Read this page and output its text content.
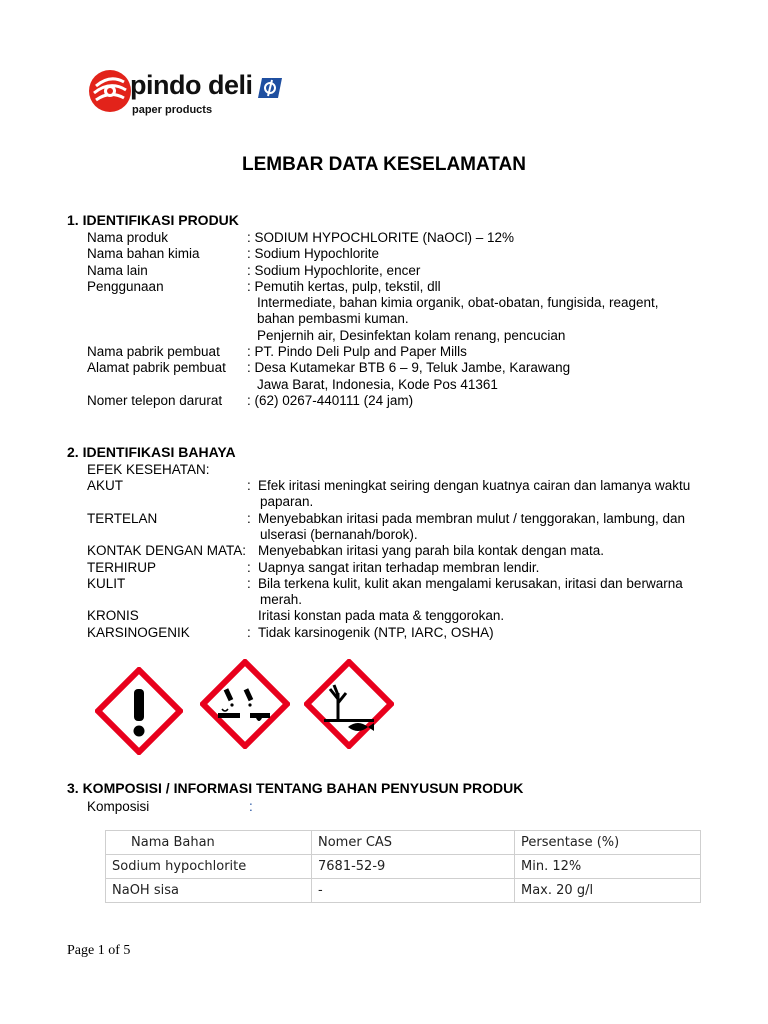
pindo deli
paper products
LEMBAR DATA KESELAMATAN
1. IDENTIFIKASI PRODUK
Nama produk	: SODIUM HYPOCHLORITE (NaOCl) – 12%
Nama bahan kimia	: Sodium Hypochlorite
Nama lain	: Sodium Hypochlorite, encer
Penggunaan	: Pemutih kertas, pulp, tekstil, dll
Intermediate, bahan kimia organik, obat-obatan, fungisida, reagent,
bahan pembasmi kuman.
Penjernih air, Desinfektan kolam renang, pencucian
Nama pabrik pembuat : PT. Pindo Deli Pulp and Paper Mills
Alamat pabrik pembuat : Desa Kutamekar BTB 6 – 9, Teluk Jambe, Karawang
Jawa Barat, Indonesia, Kode Pos 41361
Nomer telepon darurat : (62) 0267-440111 (24 jam)
2. IDENTIFIKASI BAHAYA
EFEK KESEHATAN:
AKUT	: Efek iritasi meningkat seiring dengan kuatnya cairan dan lamanya waktu
paparan.
TERTELAN	: Menyebabkan iritasi pada membran mulut / tenggorakan, lambung, dan
ulserasi (bernanah/borok).
KONTAK DENGAN MATA: Menyebabkan iritasi yang parah bila kontak dengan mata.
TERHIRUP	: Uapnya sangat iritan terhadap membran lendir.
KULIT	: Bila terkena kulit, kulit akan mengalami kerusakan, iritasi dan berwarna
merah.
KRONIS	Iritasi konstan pada mata & tenggorokan.
KARSINOGENIK	: Tidak karsinogenik (NTP, IARC, OSHA)
3. KOMPOSISI / INFORMASI TENTANG BAHAN PENYUSUN PRODUK
Komposisi	:
Nama Bahan	Nomer CAS	Persentase (%)
Sodium hypochlorite	7681-52-9	Min. 12%
NaOH sisa	-	Max. 20 g/l
Page 1 of 5
